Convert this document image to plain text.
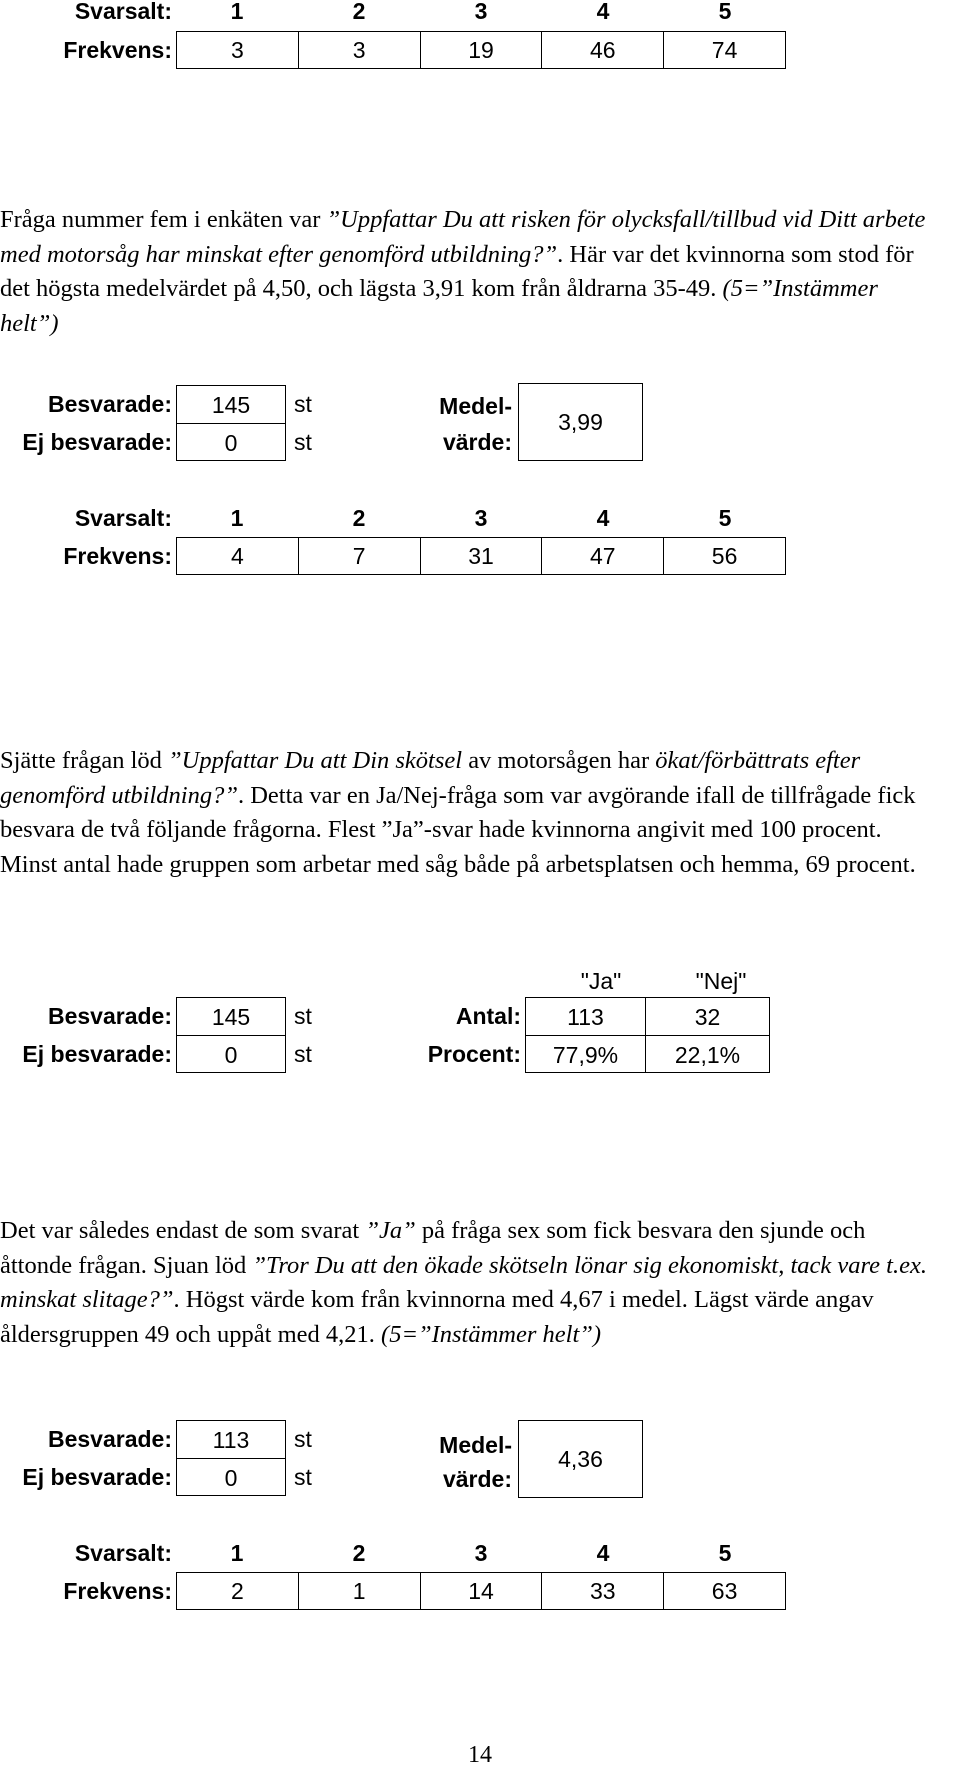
Svarsalt:	1	2	3	4	5
Frekvens:	3	3	19	46	74
Fråga nummer fem i enkäten var ”Uppfattar Du att risken för olycksfall/tillbud vid Ditt arbete med motorsåg har minskat efter genomförd utbildning?”. Här var det kvinnorna som stod för det högsta medelvärdet på 4,50, och lägsta 3,91 kom från åldrarna 35-49. (5=”Instämmer helt”)
Besvarade:	145	st
Ej besvarade:	0	st
Medel-
värde:
3,99
Svarsalt:	1	2	3	4	5
Frekvens:	4	7	31	47	56
Sjätte frågan löd ”Uppfattar Du att Din skötsel av motorsågen har ökat/förbättrats efter genomförd utbildning?”. Detta var en Ja/Nej-fråga som var avgörande ifall de tillfrågade fick besvara de två följande frågorna. Flest ”Ja”-svar hade kvinnorna angivit med 100 procent. Minst antal hade gruppen som arbetar med såg både på arbetsplatsen och hemma, 69 procent.
"Ja"	"Nej"
Besvarade:	145	st
Ej besvarade:	0	st
Antal:	113	32
Procent:	77,9%	22,1%
Det var således endast de som svarat ”Ja” på fråga sex som fick besvara den sjunde och åttonde frågan. Sjuan löd ”Tror Du att den ökade skötseln lönar sig ekonomiskt, tack vare t.ex. minskat slitage?”. Högst värde kom från kvinnorna med 4,67 i medel. Lägst värde angav åldersgruppen 49 och uppåt med 4,21. (5=”Instämmer helt”)
Besvarade:	113	st
Ej besvarade:	0	st
Medel-
värde:
4,36
Svarsalt:	1	2	3	4	5
Frekvens:	2	1	14	33	63
14
